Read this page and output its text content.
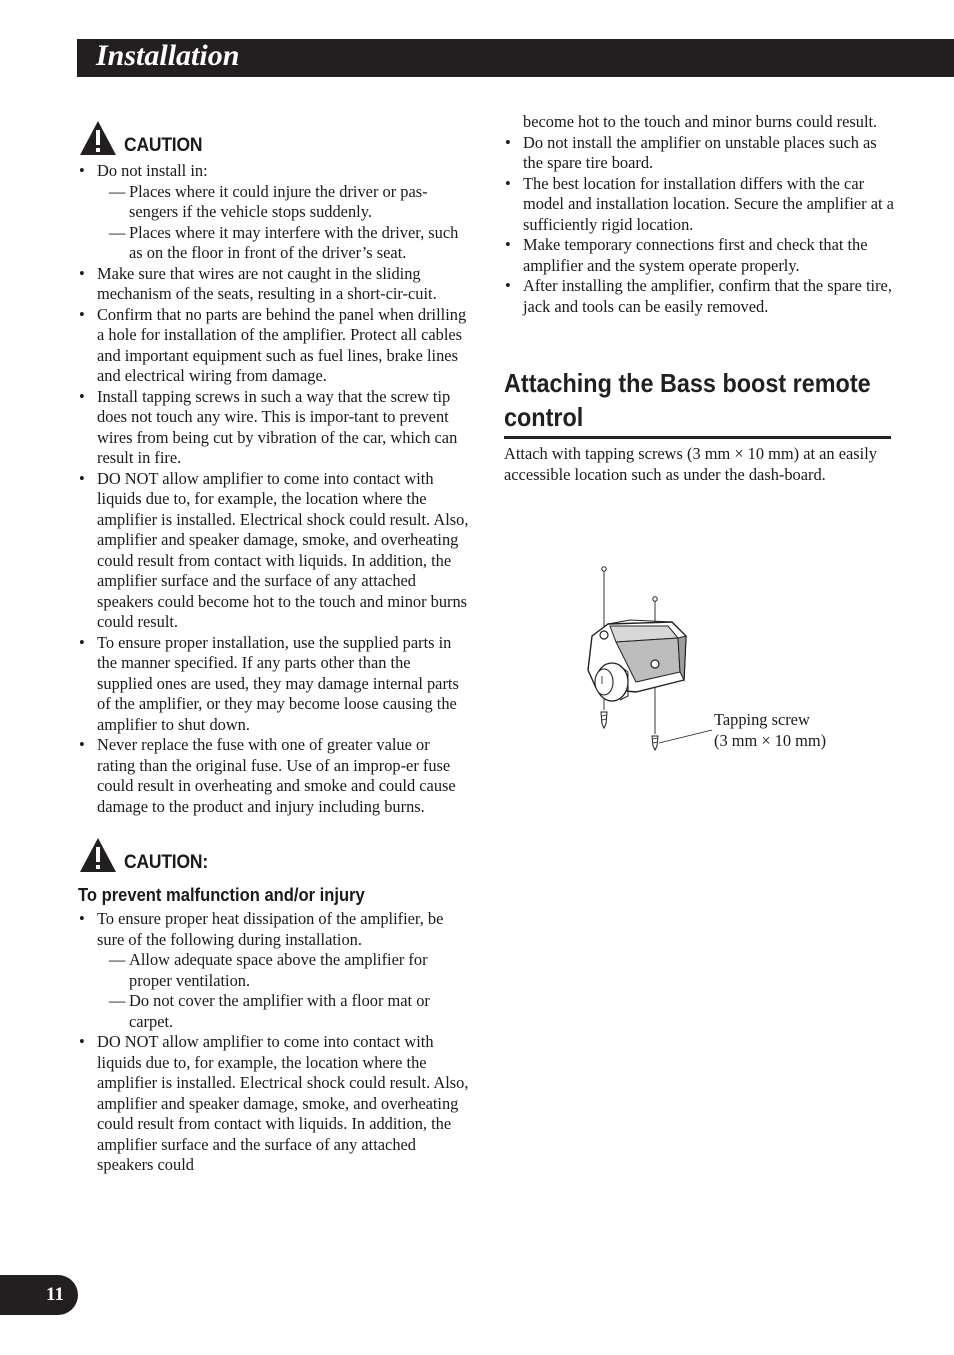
Installation
CAUTION
• Do not install in:
— Places where it could injure the driver or pas-sengers if the vehicle stops suddenly.
— Places where it may interfere with the driver, such as on the floor in front of the driver’s seat.
• Make sure that wires are not caught in the sliding mechanism of the seats, resulting in a short-cir-cuit.
• Confirm that no parts are behind the panel when drilling a hole for installation of the amplifier. Protect all cables and important equipment such as fuel lines, brake lines and electrical wiring from damage.
• Install tapping screws in such a way that the screw tip does not touch any wire. This is impor-tant to prevent wires from being cut by vibration of the car, which can result in fire.
• DO NOT allow amplifier to come into contact with liquids due to, for example, the location where the amplifier is installed. Electrical shock could result. Also, amplifier and speaker damage, smoke, and overheating could result from contact with liquids. In addition, the amplifier surface and the surface of any attached speakers could become hot to the touch and minor burns could result.
• To ensure proper installation, use the supplied parts in the manner specified. If any parts other than the supplied ones are used, they may damage internal parts of the amplifier, or they may become loose causing the amplifier to shut down.
• Never replace the fuse with one of greater value or rating than the original fuse. Use of an improp-er fuse could result in overheating and smoke and could cause damage to the product and injury including burns.
CAUTION:
To prevent malfunction and/or injury
• To ensure proper heat dissipation of the amplifier, be sure of the following during installation.
— Allow adequate space above the amplifier for proper ventilation.
— Do not cover the amplifier with a floor mat or carpet.
• DO NOT allow amplifier to come into contact with liquids due to, for example, the location where the amplifier is installed. Electrical shock could result. Also, amplifier and speaker damage, smoke, and overheating could result from contact with liquids. In addition, the amplifier surface and the surface of any attached speakers could
become hot to the touch and minor burns could result.
• Do not install the amplifier on unstable places such as the spare tire board.
• The best location for installation differs with the car model and installation location. Secure the amplifier at a sufficiently rigid location.
• Make temporary connections first and check that the amplifier and the system operate properly.
• After installing the amplifier, confirm that the spare tire, jack and tools can be easily removed.
Attaching the Bass boost remote control
Attach with tapping screws (3 mm × 10 mm) at an easily accessible location such as under the dash-board.
Tapping screw
(3 mm × 10 mm)
11
